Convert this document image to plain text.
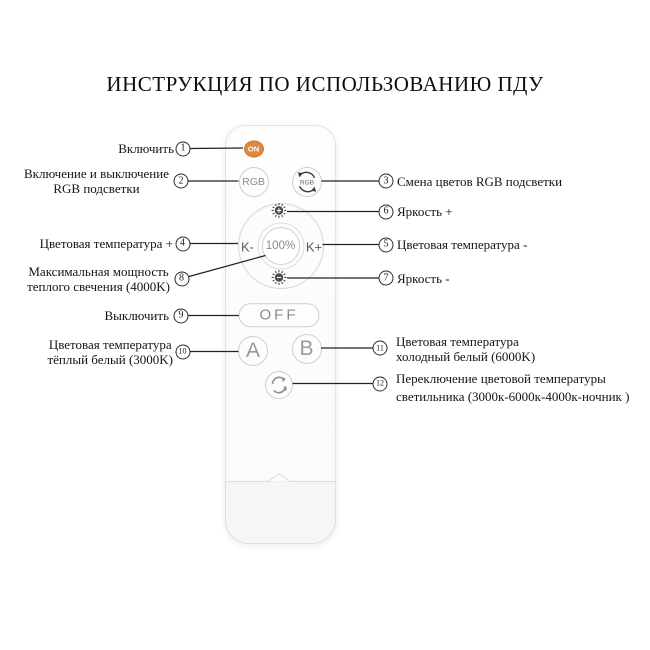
ИНСТРУКЦИЯ ПО ИСПОЛЬЗОВАНИЮ ПДУ
ON
RGB	RGB
100%
K-	K+
OFF
A B
1
2	3
4	5
6
7
8
9
10	11
12
Включить
Включение и выключение
RGB подсветки	Смена цветов RGB подсветки
Цветовая температура +	Цветовая температура -
Яркость +
Яркость -
Максимальная мощность
теплого свечения (4000K)
Выключить
Цветовая температура
тёплый белый (3000K)
Цветовая температура
холодный белый (6000K)
Переключение цветовой температуры
светильника (3000к-6000к-4000к-ночник )
